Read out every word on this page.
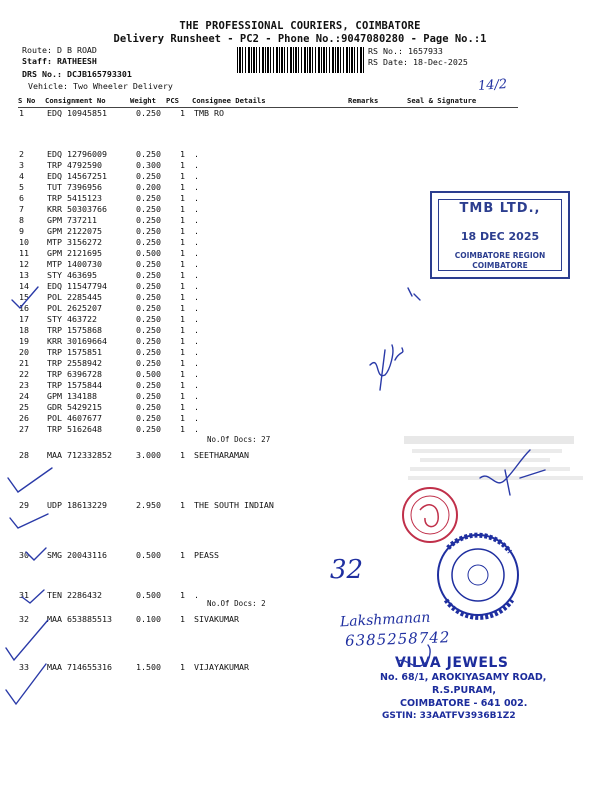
THE PROFESSIONAL COURIERS, COIMBATORE
Delivery Runsheet - PC2 - Phone No.:9047080280 - Page No.:1
Route: D B ROAD
Staff: RATHEESH
DRS No.: DCJB165793301
Vehicle: Two Wheeler Delivery
RS No.: 1657933
RS Date: 18-Dec-2025
14/2
S No Consignment No	Weight PCS Consignee Details	Remarks	Seal & Signature
1	EDQ 10945851	0.250 1 TMB RO
2	EDQ 12796009	0.250 1 .
3	TRP 4792590	0.300 1 .
4	EDQ 14567251	0.250 1 .
5	TUT 7396956	0.200 1 .
6	TRP 5415123	0.250 1 .
7	KRR 50303766	0.250 1 .
8	GPM 737211	0.250 1 .
9	GPM 2122075	0.250 1 .
10 MTP 3156272	0.250 1 .
11 GPM 2121695	0.500 1 .
12 MTP 1400730	0.250 1 .
13 STY 463695	0.250 1 .
14 EDQ 11547794	0.250 1 .
15 POL 2285445	0.250 1 .
16 POL 2625207	0.250 1 .
17 STY 463722	0.250 1 .
18 TRP 1575868	0.250 1 .
19 KRR 30169664	0.250 1 .
20 TRP 1575851	0.250 1 .
21 TRP 2558942	0.250 1 .
22 TRP 6396728	0.500 1 .
23 TRP 1575844	0.250 1 .
24 GPM 134188	0.250 1 .
25 GDR 5429215	0.250 1 .
26 POL 4607677	0.250 1 .
27 TRP 5162648	0.250 1 .
28 MAA 712332852	3.000 1 SEETHARAMAN
29 UDP 18613229	2.950 1 THE SOUTH INDIAN
30 SMG 20043116	0.500 1 PEASS
31 TEN 2286432	0.500 1 .
32 MAA 653885513	0.100 1 SIVAKUMAR
33 MAA 714655316	1.500 1 VIJAYAKUMAR
No.Of Docs: 27
No.Of Docs: 2
TMB LTD.,
18 DEC 2025
COIMBATORE REGION
COIMBATORE
Lakshmanan
6385258742
32
VILVA JEWELS
No. 68/1, AROKIYASAMY ROAD,
R.S.PURAM,
COIMBATORE - 641 002.
GSTIN: 33AATFV3936B1Z2
